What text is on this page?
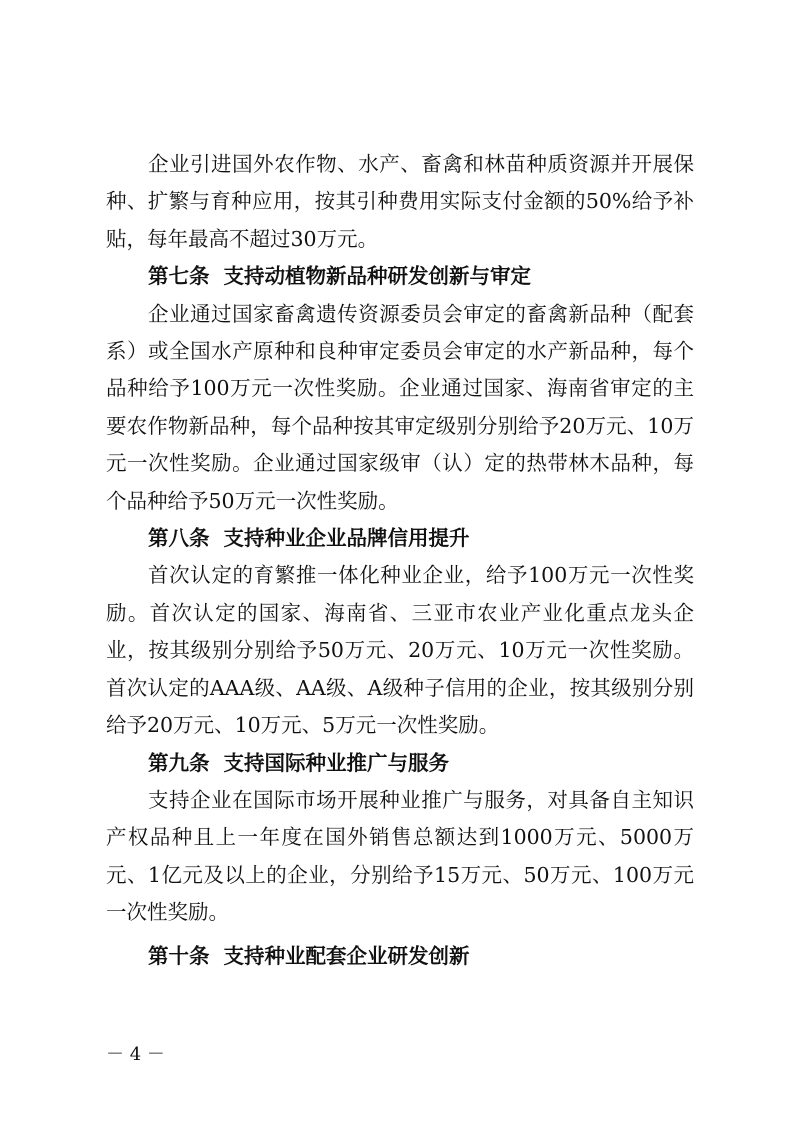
企业引进国外农作物、水产、畜禽和林苗种质资源并开展保种、扩繁与育种应用，按其引种费用实际支付金额的50%给予补贴，每年最高不超过30万元。

第七条 支持动植物新品种研发创新与审定

企业通过国家畜禽遗传资源委员会审定的畜禽新品种（配套系）或全国水产原种和良种审定委员会审定的水产新品种，每个品种给予100万元一次性奖励。企业通过国家、海南省审定的主要农作物新品种，每个品种按其审定级别分别给予20万元、10万元一次性奖励。企业通过国家级审（认）定的热带林木品种，每个品种给予50万元一次性奖励。

第八条 支持种业企业品牌信用提升

首次认定的育繁推一体化种业企业，给予100万元一次性奖励。首次认定的国家、海南省、三亚市农业产业化重点龙头企业，按其级别分别给予50万元、20万元、10万元一次性奖励。首次认定的AAA级、AA级、A级种子信用的企业，按其级别分别给予20万元、10万元、5万元一次性奖励。

第九条 支持国际种业推广与服务

支持企业在国际市场开展种业推广与服务，对具备自主知识产权品种且上一年度在国外销售总额达到1000万元、5000万元、1亿元及以上的企业，分别给予15万元、50万元、100万元一次性奖励。

第十条 支持种业配套企业研发创新

－ 4 －
